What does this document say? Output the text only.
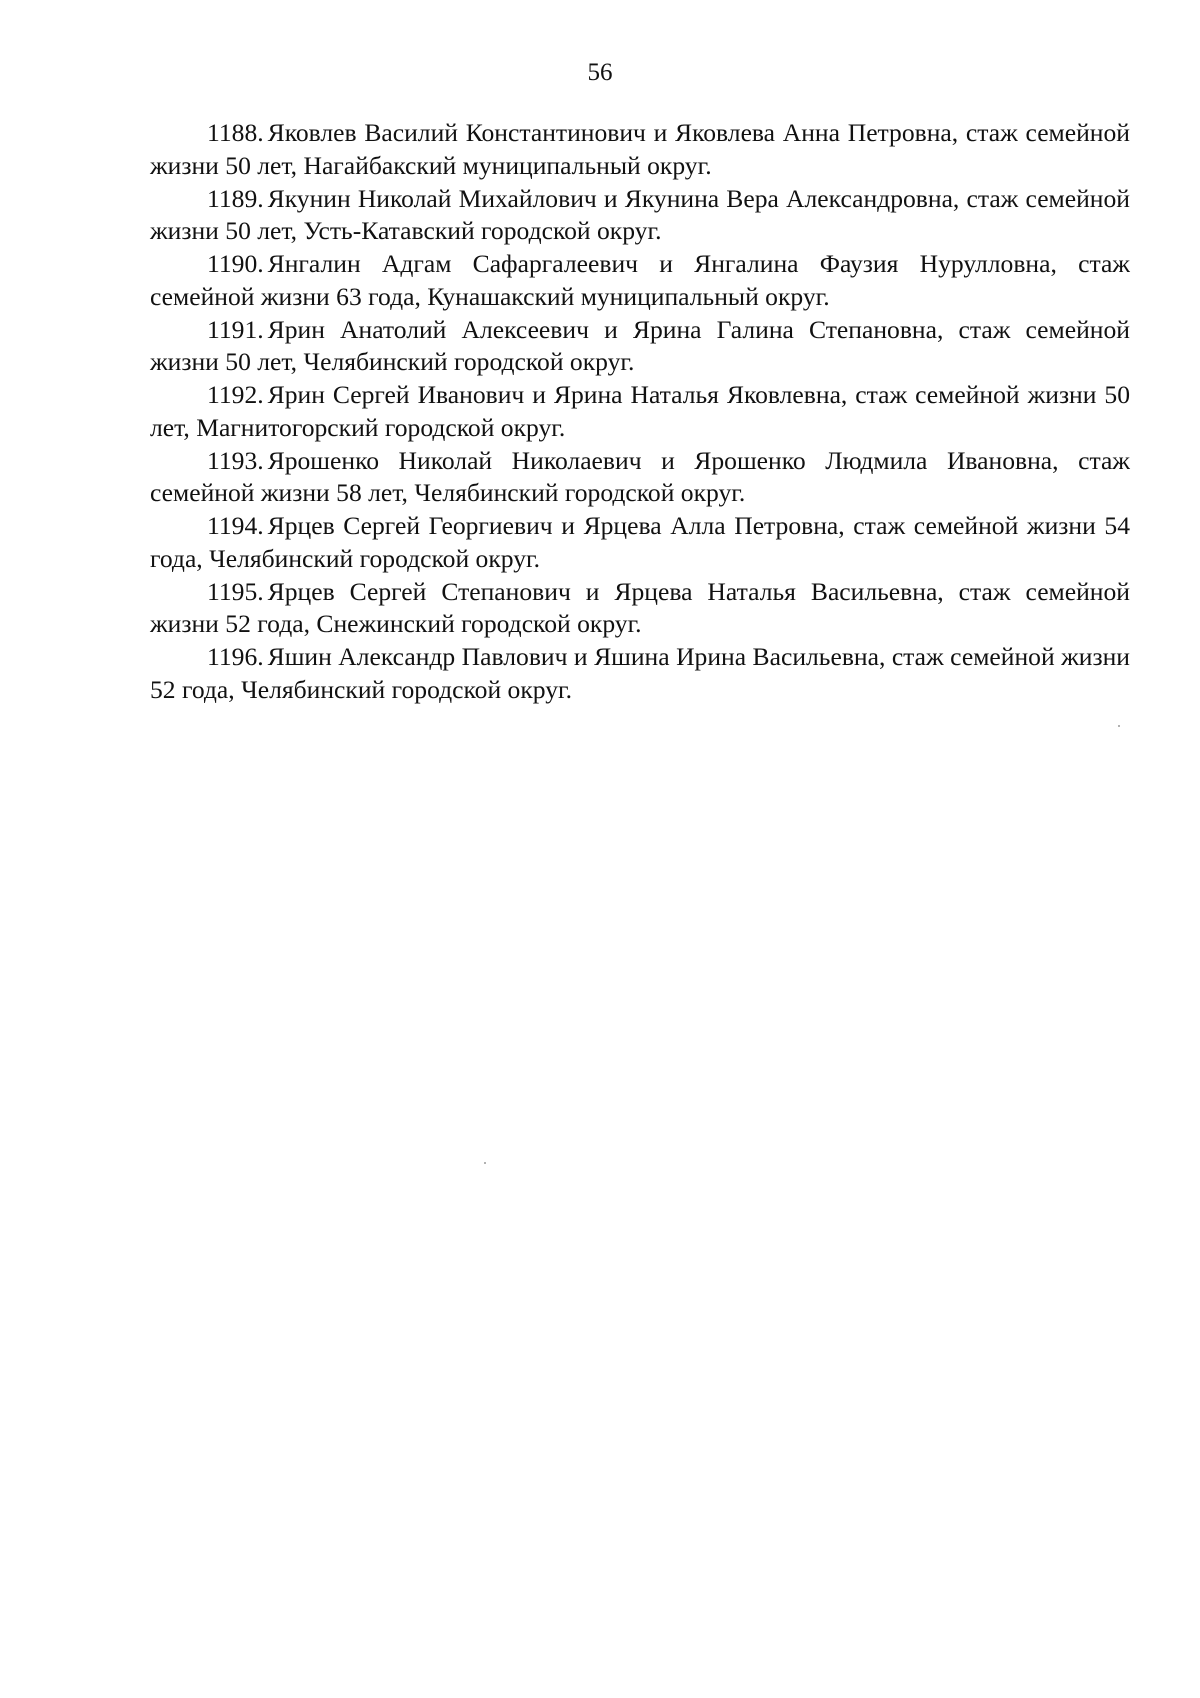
56

1188. Яковлев Василий Константинович и Яковлева Анна Петровна, стаж семейной жизни 50 лет, Нагайбакский муниципальный округ.

1189. Якунин Николай Михайлович и Якунина Вера Александровна, стаж семейной жизни 50 лет, Усть-Катавский городской округ.

1190. Янгалин Адгам Сафаргалеевич и Янгалина Фаузия Нурулловна, стаж семейной жизни 63 года, Кунашакский муниципальный округ.

1191. Ярин Анатолий Алексеевич и Ярина Галина Степановна, стаж семейной жизни 50 лет, Челябинский городской округ.

1192. Ярин Сергей Иванович и Ярина Наталья Яковлевна, стаж семейной жизни 50 лет, Магнитогорский городской округ.

1193. Ярошенко Николай Николаевич и Ярошенко Людмила Ивановна, стаж семейной жизни 58 лет, Челябинский городской округ.

1194. Ярцев Сергей Георгиевич и Ярцева Алла Петровна, стаж семейной жизни 54 года, Челябинский городской округ.

1195. Ярцев Сергей Степанович и Ярцева Наталья Васильевна, стаж семейной жизни 52 года, Снежинский городской округ.

1196. Яшин Александр Павлович и Яшина Ирина Васильевна, стаж семейной жизни 52 года, Челябинский городской округ.
